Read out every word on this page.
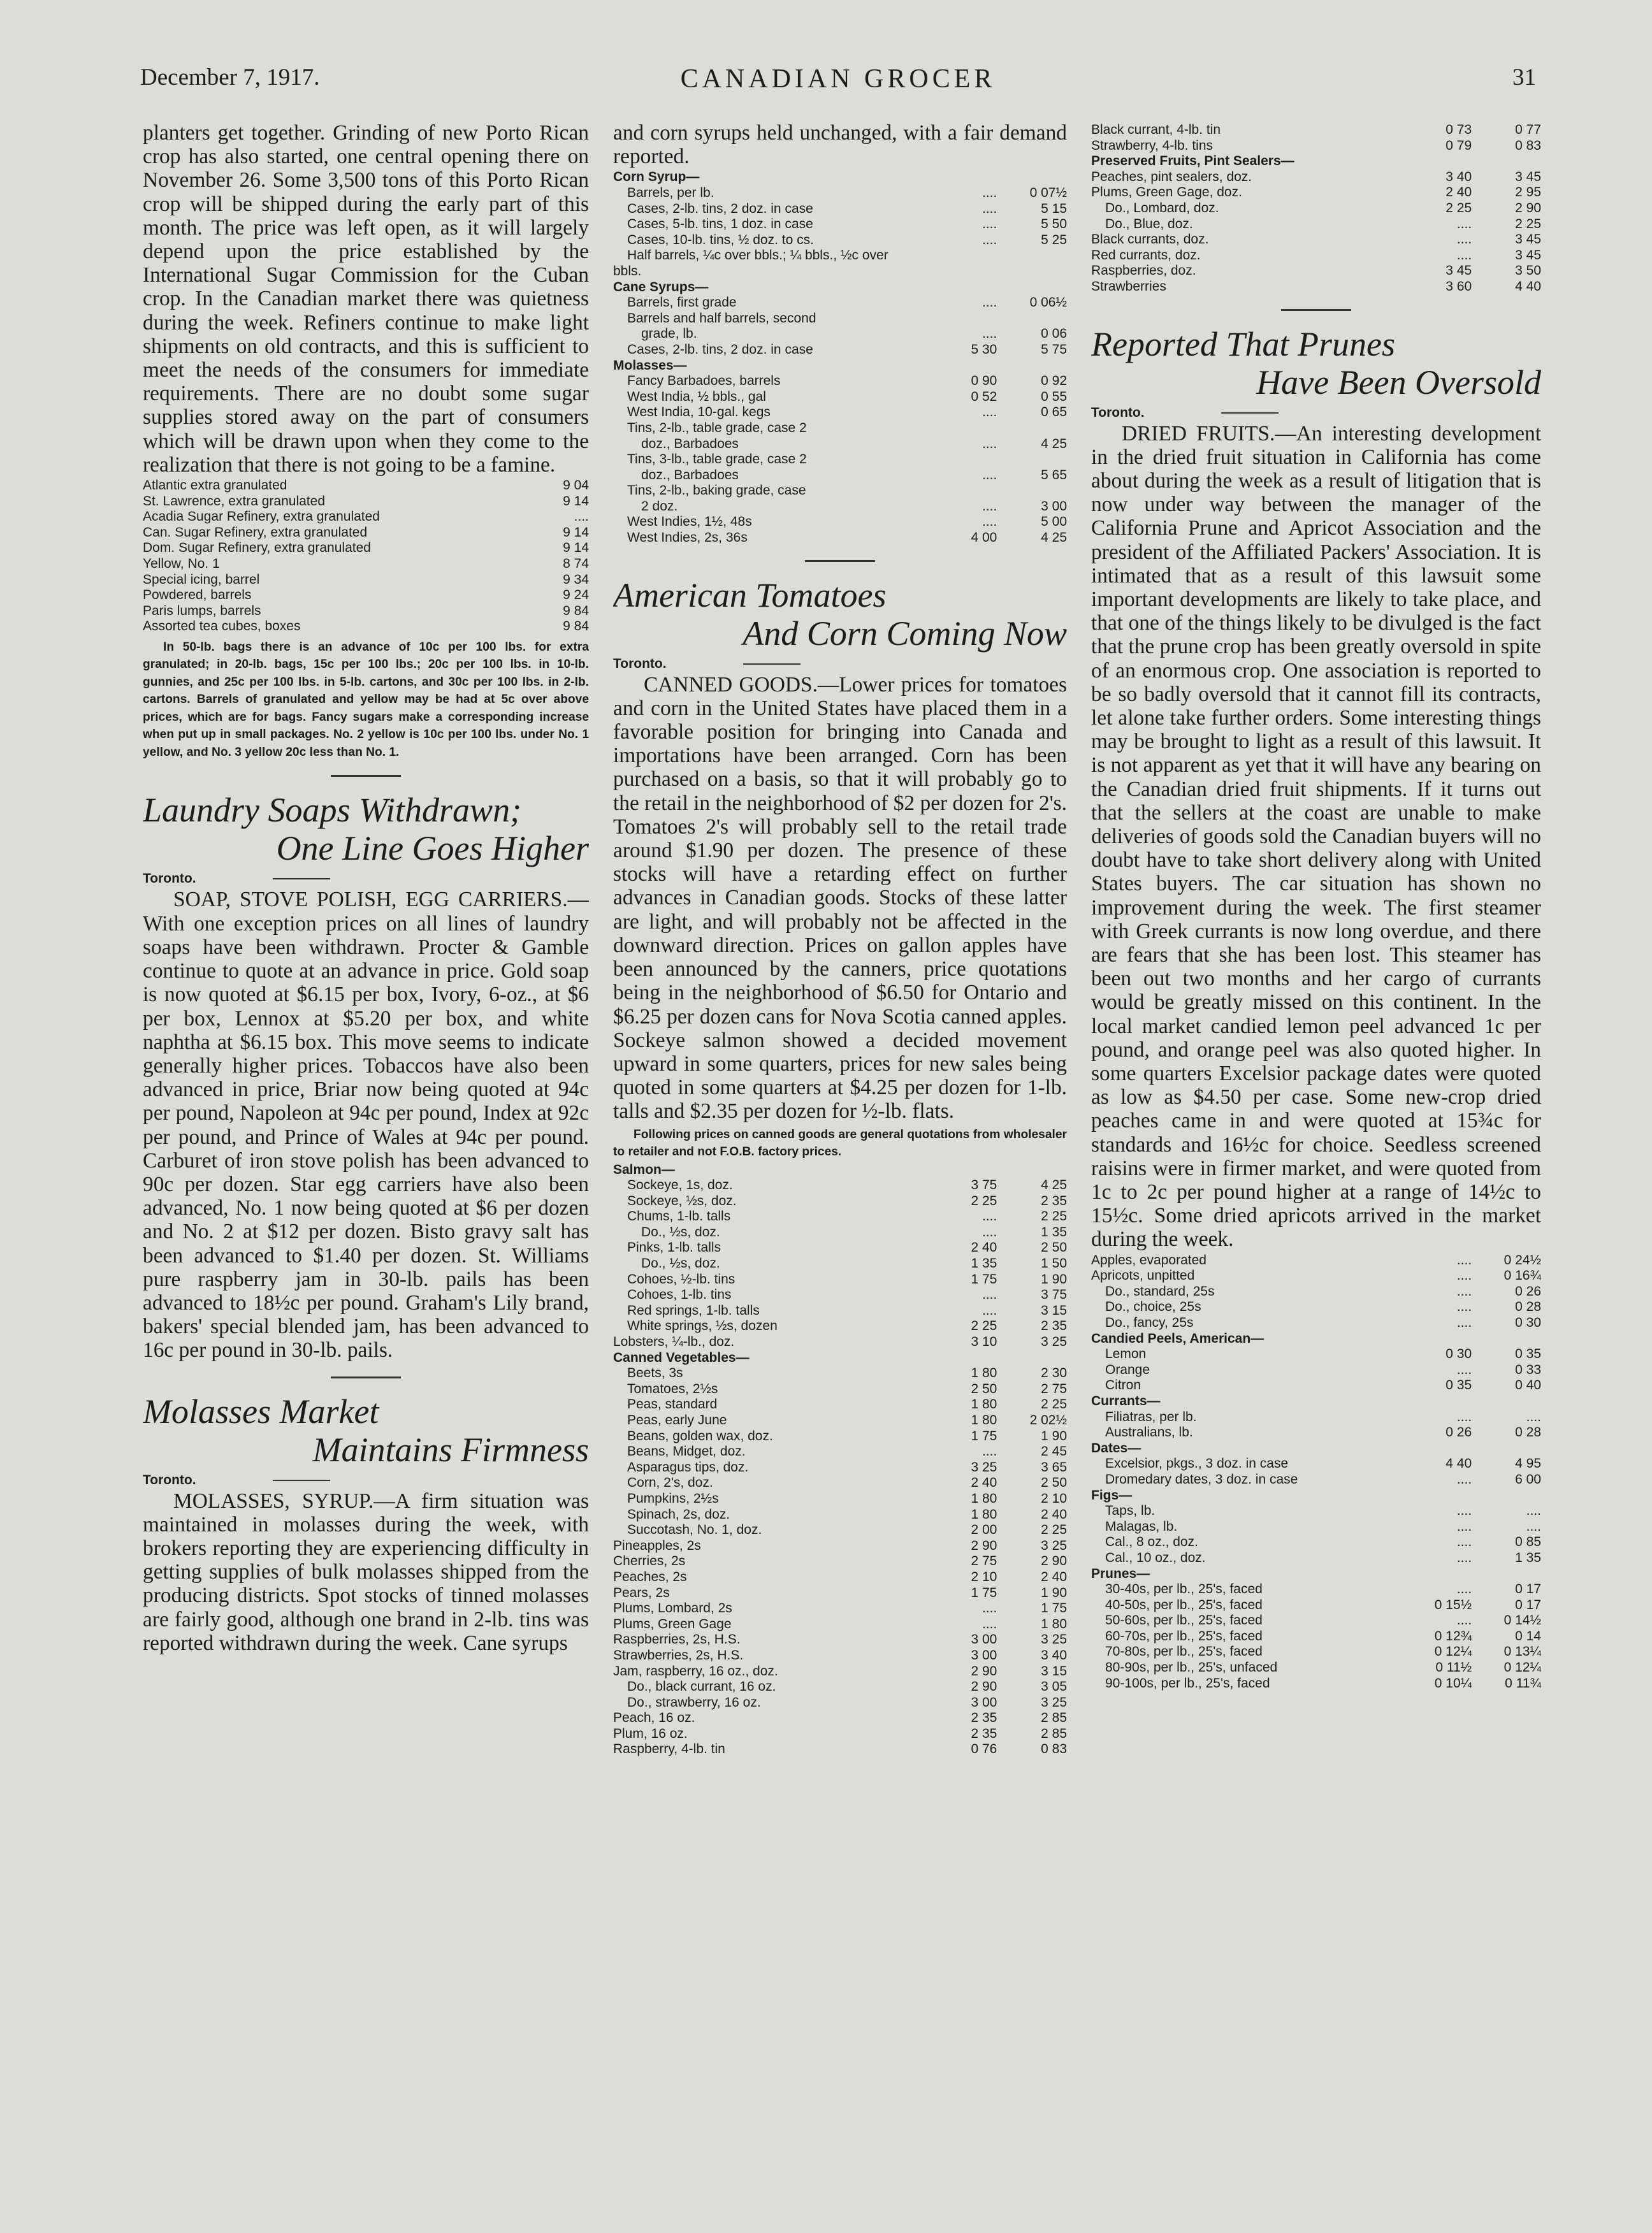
December 7, 1917.	CANADIAN GROCER	31

planters get together. Grinding of new Porto Rican crop has also started, one central opening there on November 26. Some 3,500 tons of this Porto Rican crop will be shipped during the early part of this month. The price was left open, as it will largely depend upon the price established by the International Sugar Commission for the Cuban crop. In the Canadian market there was quietness during the week. Refiners continue to make light shipments on old contracts, and this is sufficient to meet the needs of the consumers for immediate requirements. There are no doubt some sugar supplies stored away on the part of consumers which will be drawn upon when they come to the realization that there is not going to be a famine.

Atlantic extra granulated		9 04
St. Lawrence, extra granulated		9 14
Acadia Sugar Refinery, extra granulated		....
Can. Sugar Refinery, extra granulated		9 14
Dom. Sugar Refinery, extra granulated		9 14
Yellow, No. 1		8 74
Special icing, barrel		9 34
Powdered, barrels		9 24
Paris lumps, barrels		9 84
Assorted tea cubes, boxes		9 84

In 50-lb. bags there is an advance of 10c per 100 lbs. for extra granulated; in 20-lb. bags, 15c per 100 lbs.; 20c per 100 lbs. in 10-lb. gunnies, and 25c per 100 lbs. in 5-lb. cartons, and 30c per 100 lbs. in 2-lb. cartons. Barrels of granulated and yellow may be had at 5c over above prices, which are for bags. Fancy sugars make a corresponding increase when put up in small packages. No. 2 yellow is 10c per 100 lbs. under No. 1 yellow, and No. 3 yellow 20c less than No. 1.

Laundry Soaps Withdrawn;
One Line Goes Higher
Toronto.

SOAP, STOVE POLISH, EGG CARRIERS.—With one exception prices on all lines of laundry soaps have been withdrawn. Procter & Gamble continue to quote at an advance in price. Gold soap is now quoted at $6.15 per box, Ivory, 6-oz., at $6 per box, Lennox at $5.20 per box, and white naphtha at $6.15 box. This move seems to indicate generally higher prices. Tobaccos have also been advanced in price, Briar now being quoted at 94c per pound, Napoleon at 94c per pound, Index at 92c per pound, and Prince of Wales at 94c per pound. Carburet of iron stove polish has been advanced to 90c per dozen. Star egg carriers have also been advanced, No. 1 now being quoted at $6 per dozen and No. 2 at $12 per dozen. Bisto gravy salt has been advanced to $1.40 per dozen. St. Williams pure raspberry jam in 30-lb. pails has been advanced to 18½c per pound. Graham's Lily brand, bakers' special blended jam, has been advanced to 16c per pound in 30-lb. pails.

Molasses Market
Maintains Firmness
Toronto.

MOLASSES, SYRUP.—A firm situation was maintained in molasses during the week, with brokers reporting they are experiencing difficulty in getting supplies of bulk molasses shipped from the producing districts. Spot stocks of tinned molasses are fairly good, although one brand in 2-lb. tins was reported withdrawn during the week. Cane syrups

and corn syrups held unchanged, with a fair demand reported.

Corn Syrup—		
Barrels, per lb.	....	0 07½
Cases, 2-lb. tins, 2 doz. in case	....	5 15
Cases, 5-lb. tins, 1 doz. in case	....	5 50
Cases, 10-lb. tins, ½ doz. to cs.	....	5 25
Half barrels, ¼c over bbls.; ¼ bbls., ½c over		
bbls.		
Cane Syrups—		
Barrels, first grade	....	0 06½
Barrels and half barrels, second		
grade, lb.	....	0 06
Cases, 2-lb. tins, 2 doz. in case	5 30	5 75
Molasses—		
Fancy Barbadoes, barrels	0 90	0 92
West India, ½ bbls., gal	0 52	0 55
West India, 10-gal. kegs	....	0 65
Tins, 2-lb., table grade, case 2		
doz., Barbadoes	....	4 25
Tins, 3-lb., table grade, case 2		
doz., Barbadoes	....	5 65
Tins, 2-lb., baking grade, case		
2 doz.	....	3 00
West Indies, 1½, 48s	....	5 00
West Indies, 2s, 36s	4 00	4 25
American Tomatoes
And Corn Coming Now
Toronto.

CANNED GOODS.—Lower prices for tomatoes and corn in the United States have placed them in a favorable position for bringing into Canada and importations have been arranged. Corn has been purchased on a basis, so that it will probably go to the retail in the neighborhood of $2 per dozen for 2's. Tomatoes 2's will probably sell to the retail trade around $1.90 per dozen. The presence of these stocks will have a retarding effect on further advances in Canadian goods. Stocks of these latter are light, and will probably not be affected in the downward direction. Prices on gallon apples have been announced by the canners, price quotations being in the neighborhood of $6.50 for Ontario and $6.25 per dozen cans for Nova Scotia canned apples. Sockeye salmon showed a decided movement upward in some quarters, prices for new sales being quoted in some quarters at $4.25 per dozen for 1-lb. talls and $2.35 per dozen for ½-lb. flats.

Following prices on canned goods are general quotations from wholesaler to retailer and not F.O.B. factory prices.

Salmon—		
Sockeye, 1s, doz.	3 75	4 25
Sockeye, ½s, doz.	2 25	2 35
Chums, 1-lb. talls	....	2 25
Do., ½s, doz.	....	1 35
Pinks, 1-lb. talls	2 40	2 50
Do., ½s, doz.	1 35	1 50
Cohoes, ½-lb. tins	1 75	1 90
Cohoes, 1-lb. tins	....	3 75
Red springs, 1-lb. talls	....	3 15
White springs, ½s, dozen	2 25	2 35
Lobsters, ¼-lb., doz.	3 10	3 25
Canned Vegetables—		
Beets, 3s	1 80	2 30
Tomatoes, 2½s	2 50	2 75
Peas, standard	1 80	2 25
Peas, early June	1 80	2 02½
Beans, golden wax, doz.	1 75	1 90
Beans, Midget, doz.	....	2 45
Asparagus tips, doz.	3 25	3 65
Corn, 2's, doz.	2 40	2 50
Pumpkins, 2½s	1 80	2 10
Spinach, 2s, doz.	1 80	2 40
Succotash, No. 1, doz.	2 00	2 25
Pineapples, 2s	2 90	3 25
Cherries, 2s	2 75	2 90
Peaches, 2s	2 10	2 40
Pears, 2s	1 75	1 90
Plums, Lombard, 2s	....	1 75
Plums, Green Gage	....	1 80
Raspberries, 2s, H.S.	3 00	3 25
Strawberries, 2s, H.S.	3 00	3 40
Jam, raspberry, 16 oz., doz.	2 90	3 15
Do., black currant, 16 oz.	2 90	3 05
Do., strawberry, 16 oz.	3 00	3 25
Peach, 16 oz.	2 35	2 85
Plum, 16 oz.	2 35	2 85
Raspberry, 4-lb. tin	0 76	0 83
Black currant, 4-lb. tin	0 73	0 77
Strawberry, 4-lb. tins	0 79	0 83
Preserved Fruits, Pint Sealers—		
Peaches, pint sealers, doz.	3 40	3 45
Plums, Green Gage, doz.	2 40	2 95
Do., Lombard, doz.	2 25	2 90
Do., Blue, doz.	....	2 25
Black currants, doz.	....	3 45
Red currants, doz.	....	3 45
Raspberries, doz.	3 45	3 50
Strawberries	3 60	4 40
Reported That Prunes
Have Been Oversold
Toronto.

DRIED FRUITS.—An interesting development in the dried fruit situation in California has come about during the week as a result of litigation that is now under way between the manager of the California Prune and Apricot Association and the president of the Affiliated Packers' Association. It is intimated that as a result of this lawsuit some important developments are likely to take place, and that one of the things likely to be divulged is the fact that the prune crop has been greatly oversold in spite of an enormous crop. One association is reported to be so badly oversold that it cannot fill its contracts, let alone take further orders. Some interesting things may be brought to light as a result of this lawsuit. It is not apparent as yet that it will have any bearing on the Canadian dried fruit shipments. If it turns out that the sellers at the coast are unable to make deliveries of goods sold the Canadian buyers will no doubt have to take short delivery along with United States buyers. The car situation has shown no improvement during the week. The first steamer with Greek currants is now long overdue, and there are fears that she has been lost. This steamer has been out two months and her cargo of currants would be greatly missed on this continent. In the local market candied lemon peel advanced 1c per pound, and orange peel was also quoted higher. In some quarters Excelsior package dates were quoted as low as $4.50 per case. Some new-crop dried peaches came in and were quoted at 15¾c for standards and 16½c for choice. Seedless screened raisins were in firmer market, and were quoted from 1c to 2c per pound higher at a range of 14½c to 15½c. Some dried apricots arrived in the market during the week.

Apples, evaporated	....	0 24½
Apricots, unpitted	....	0 16¾
Do., standard, 25s	....	0 26
Do., choice, 25s	....	0 28
Do., fancy, 25s	....	0 30
Candied Peels, American—		
Lemon	0 30	0 35
Orange	....	0 33
Citron	0 35	0 40
Currants—		
Filiatras, per lb.	....	....
Australians, lb.	0 26	0 28
Dates—		
Excelsior, pkgs., 3 doz. in case	4 40	4 95
Dromedary dates, 3 doz. in case	....	6 00
Figs—		
Taps, lb.	....	....
Malagas, lb.	....	....
Cal., 8 oz., doz.	....	0 85
Cal., 10 oz., doz.	....	1 35
Prunes—		
30-40s, per lb., 25's, faced	....	0 17
40-50s, per lb., 25's, faced	0 15½	0 17
50-60s, per lb., 25's, faced	....	0 14½
60-70s, per lb., 25's, faced	0 12¾	0 14
70-80s, per lb., 25's, faced	0 12¼	0 13¼
80-90s, per lb., 25's, unfaced	0 11½	0 12¼
90-100s, per lb., 25's, faced	0 10¼	0 11¾
